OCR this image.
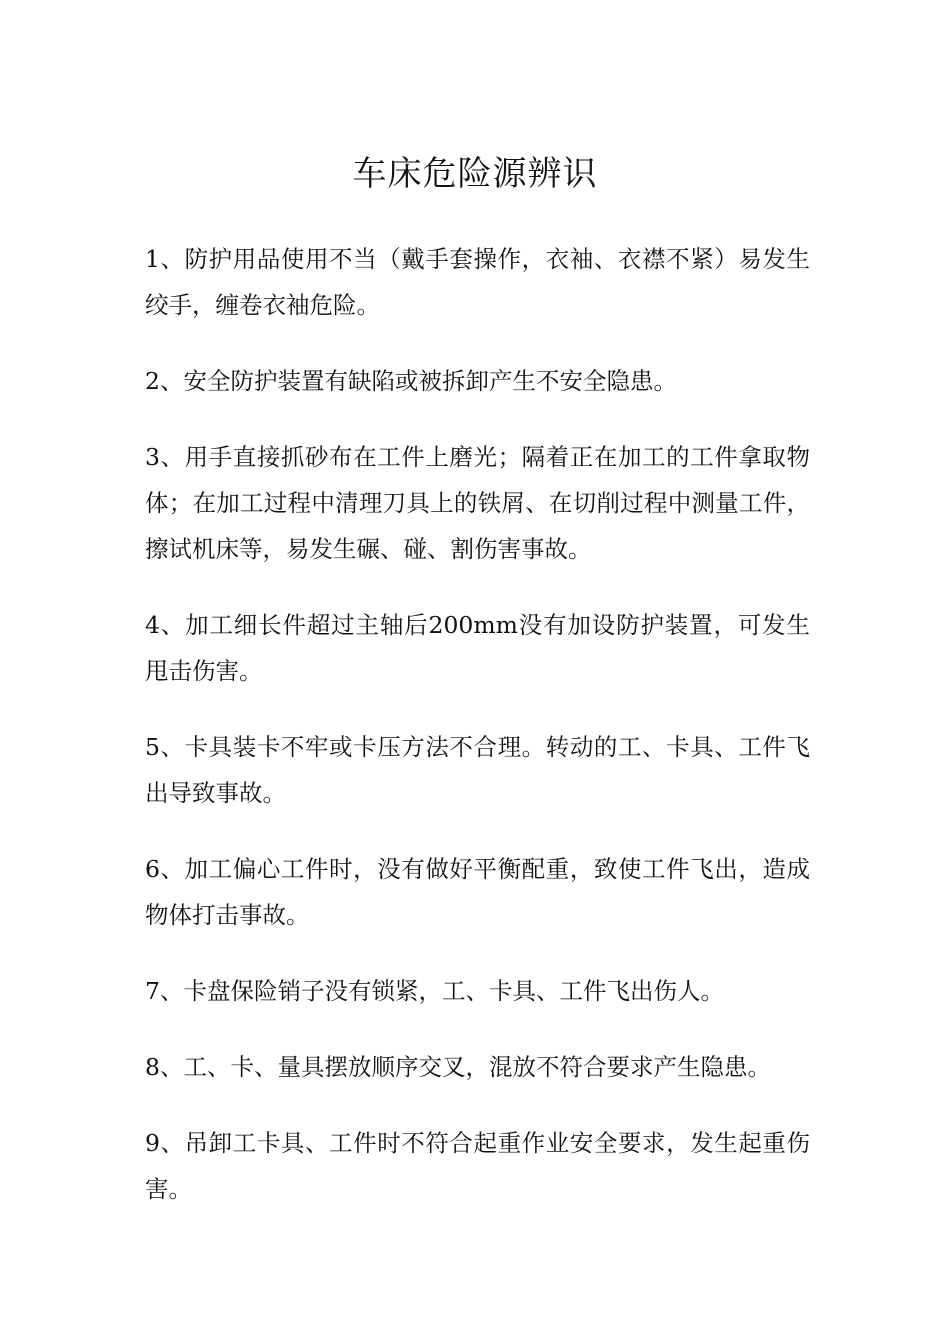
车床危险源辨识
1、防护用品使用不当（戴手套操作，衣袖、衣襟不紧）易发生绞手，缠卷衣袖危险。
2、安全防护装置有缺陷或被拆卸产生不安全隐患。
3、用手直接抓砂布在工件上磨光；隔着正在加工的工件拿取物体；在加工过程中清理刀具上的铁屑、在切削过程中测量工件，擦试机床等，易发生碾、碰、割伤害事故。
4、加工细长件超过主轴后200mm没有加设防护装置，可发生甩击伤害。
5、卡具装卡不牢或卡压方法不合理。转动的工、卡具、工件飞出导致事故。
6、加工偏心工件时，没有做好平衡配重，致使工件飞出，造成物体打击事故。
7、卡盘保险销子没有锁紧，工、卡具、工件飞出伤人。
8、工、卡、量具摆放顺序交叉，混放不符合要求产生隐患。
9、吊卸工卡具、工件时不符合起重作业安全要求，发生起重伤害。
